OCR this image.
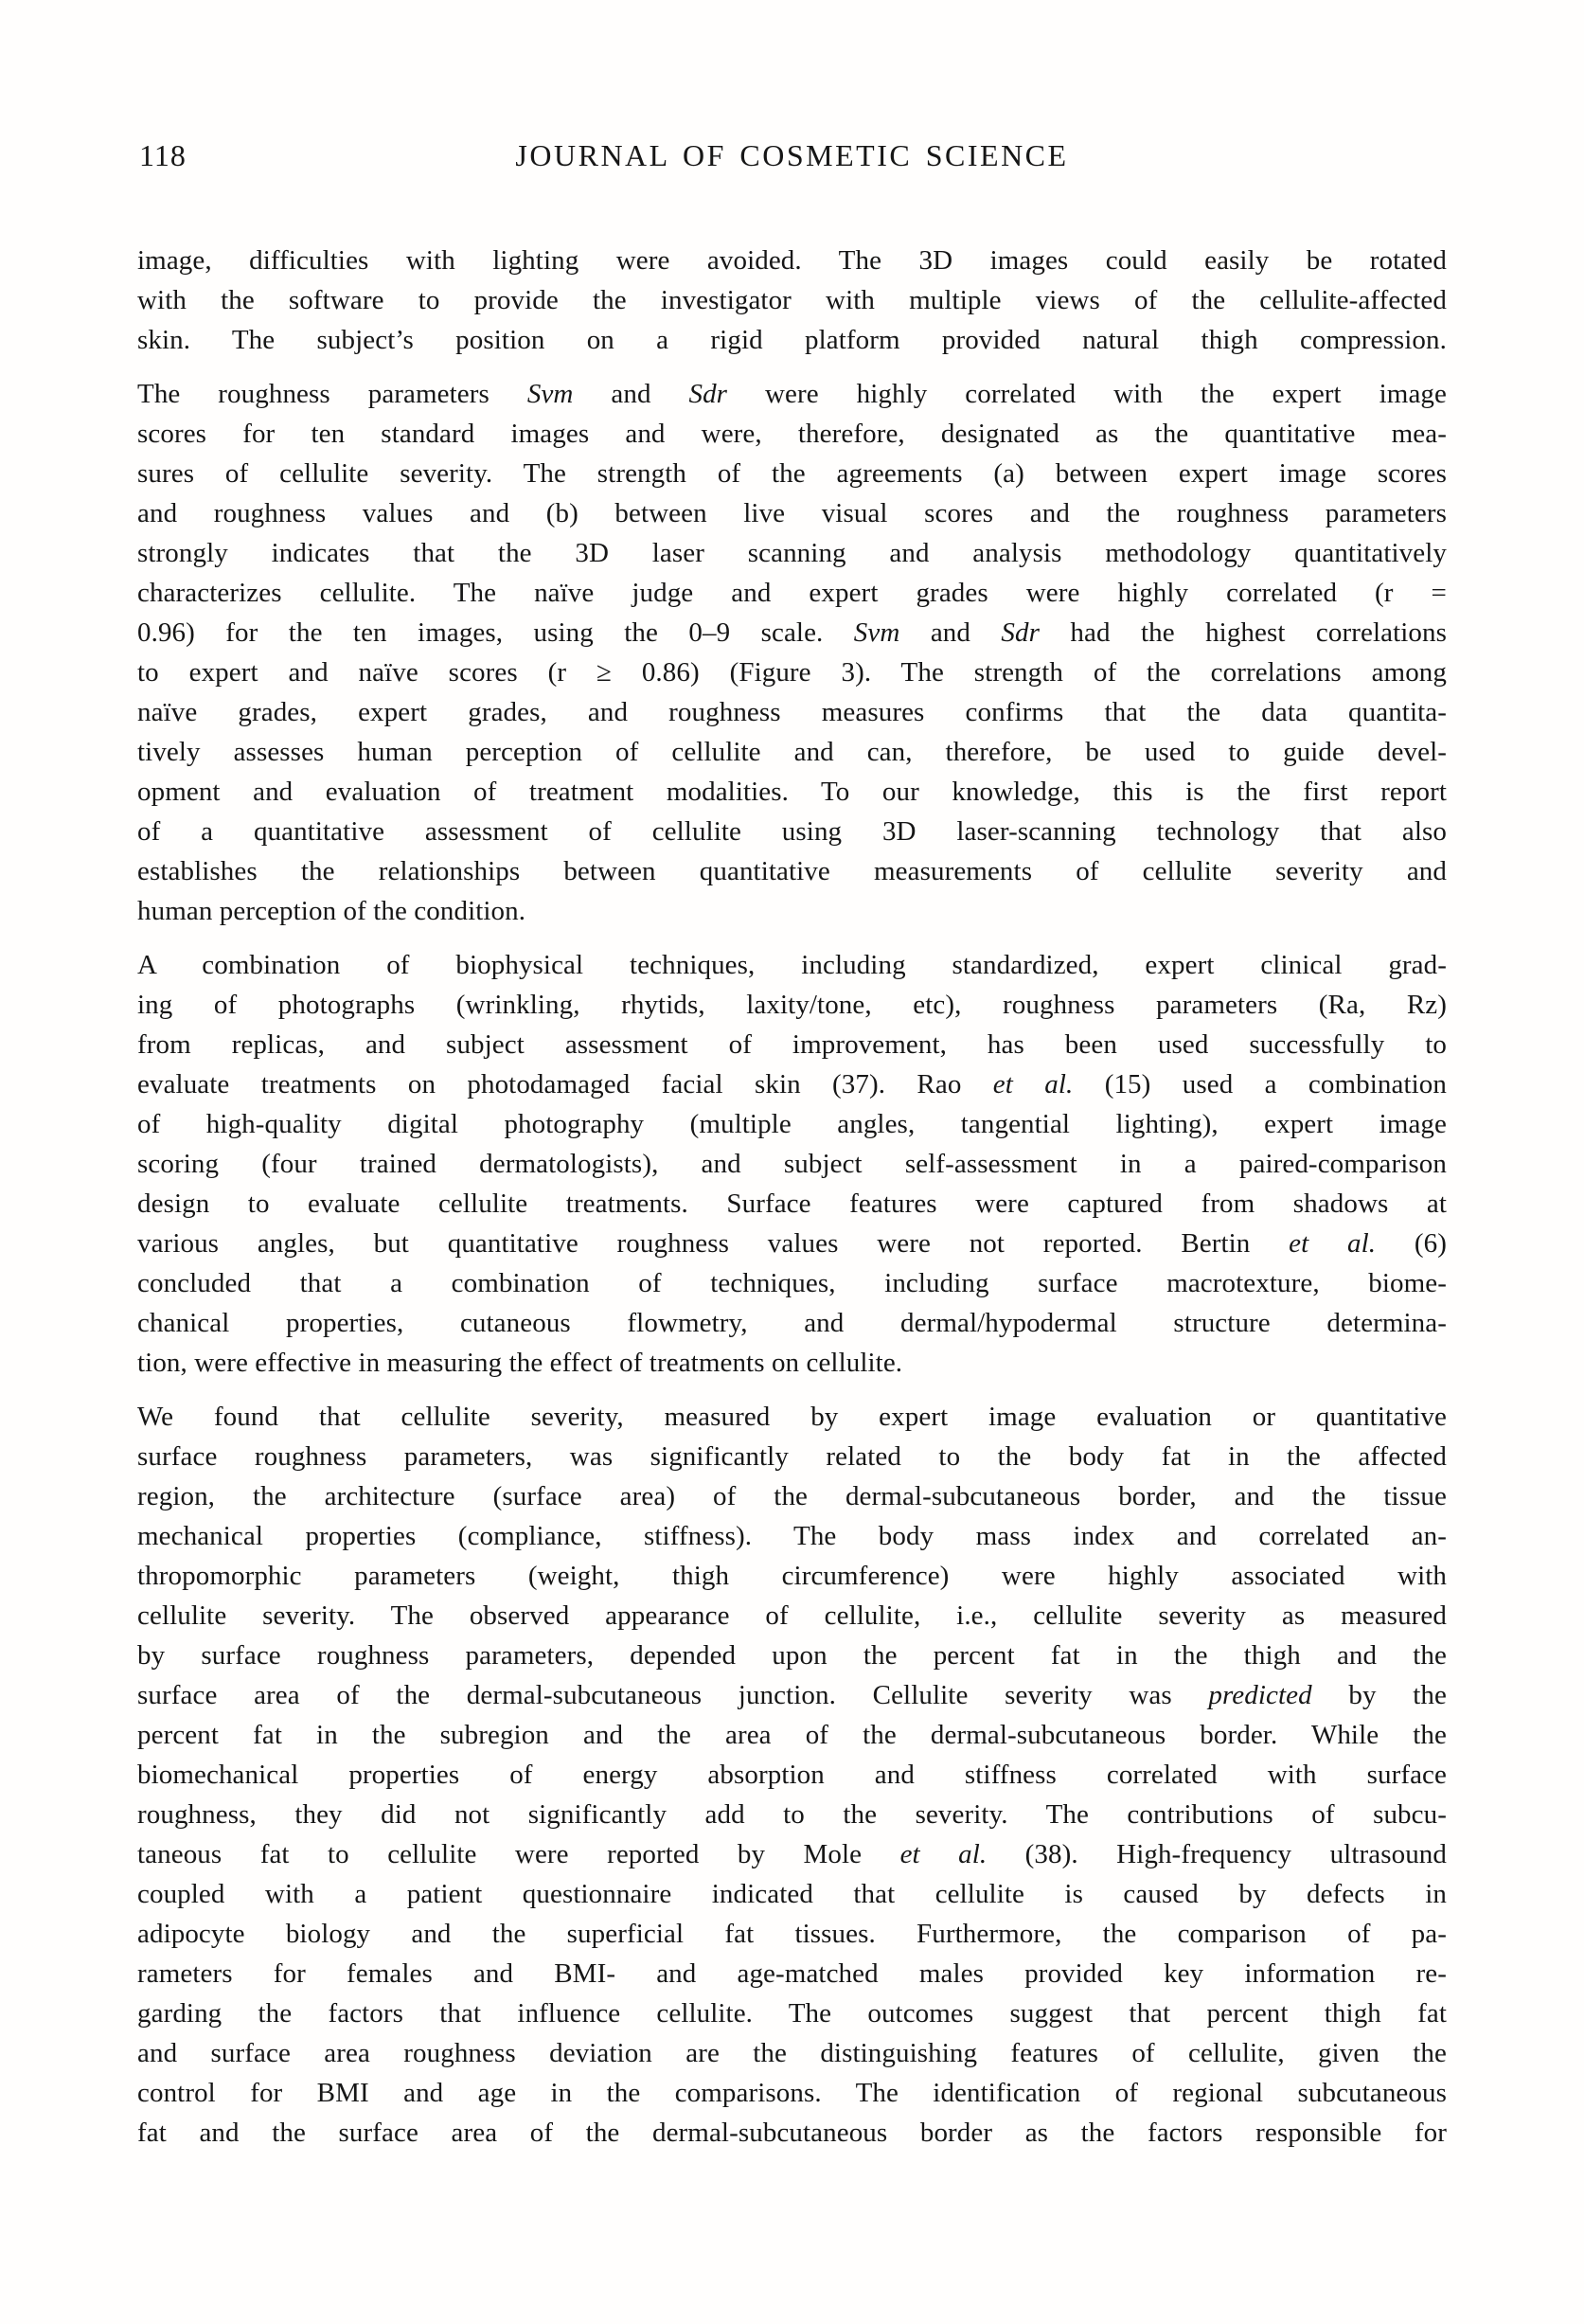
118	JOURNAL OF COSMETIC SCIENCE
image, difficulties with lighting were avoided. The 3D images could easily be rotated
with the software to provide the investigator with multiple views of the cellulite-affected
skin. The subject’s position on a rigid platform provided natural thigh compression.
The roughness parameters Svm and Sdr were highly correlated with the expert image
scores for ten standard images and were, therefore, designated as the quantitative mea-
sures of cellulite severity. The strength of the agreements (a) between expert image scores
and roughness values and (b) between live visual scores and the roughness parameters
strongly indicates that the 3D laser scanning and analysis methodology quantitatively
characterizes cellulite. The naïve judge and expert grades were highly correlated (r =
0.96) for the ten images, using the 0–9 scale. Svm and Sdr had the highest correlations
to expert and naïve scores (r ≥ 0.86) (Figure 3). The strength of the correlations among
naïve grades, expert grades, and roughness measures confirms that the data quantita-
tively assesses human perception of cellulite and can, therefore, be used to guide devel-
opment and evaluation of treatment modalities. To our knowledge, this is the first report
of a quantitative assessment of cellulite using 3D laser-scanning technology that also
establishes the relationships between quantitative measurements of cellulite severity and
human perception of the condition.
A combination of biophysical techniques, including standardized, expert clinical grad-
ing of photographs (wrinkling, rhytids, laxity/tone, etc), roughness parameters (Ra, Rz)
from replicas, and subject assessment of improvement, has been used successfully to
evaluate treatments on photodamaged facial skin (37). Rao et al. (15) used a combination
of high-quality digital photography (multiple angles, tangential lighting), expert image
scoring (four trained dermatologists), and subject self-assessment in a paired-comparison
design to evaluate cellulite treatments. Surface features were captured from shadows at
various angles, but quantitative roughness values were not reported. Bertin et al. (6)
concluded that a combination of techniques, including surface macrotexture, biome-
chanical properties, cutaneous flowmetry, and dermal/hypodermal structure determina-
tion, were effective in measuring the effect of treatments on cellulite.
We found that cellulite severity, measured by expert image evaluation or quantitative
surface roughness parameters, was significantly related to the body fat in the affected
region, the architecture (surface area) of the dermal-subcutaneous border, and the tissue
mechanical properties (compliance, stiffness). The body mass index and correlated an-
thropomorphic parameters (weight, thigh circumference) were highly associated with
cellulite severity. The observed appearance of cellulite, i.e., cellulite severity as measured
by surface roughness parameters, depended upon the percent fat in the thigh and the
surface area of the dermal-subcutaneous junction. Cellulite severity was predicted by the
percent fat in the subregion and the area of the dermal-subcutaneous border. While the
biomechanical properties of energy absorption and stiffness correlated with surface
roughness, they did not significantly add to the severity. The contributions of subcu-
taneous fat to cellulite were reported by Mole et al. (38). High-frequency ultrasound
coupled with a patient questionnaire indicated that cellulite is caused by defects in
adipocyte biology and the superficial fat tissues. Furthermore, the comparison of pa-
rameters for females and BMI- and age-matched males provided key information re-
garding the factors that influence cellulite. The outcomes suggest that percent thigh fat
and surface area roughness deviation are the distinguishing features of cellulite, given the
control for BMI and age in the comparisons. The identification of regional subcutaneous
fat and the surface area of the dermal-subcutaneous border as the factors responsible for
